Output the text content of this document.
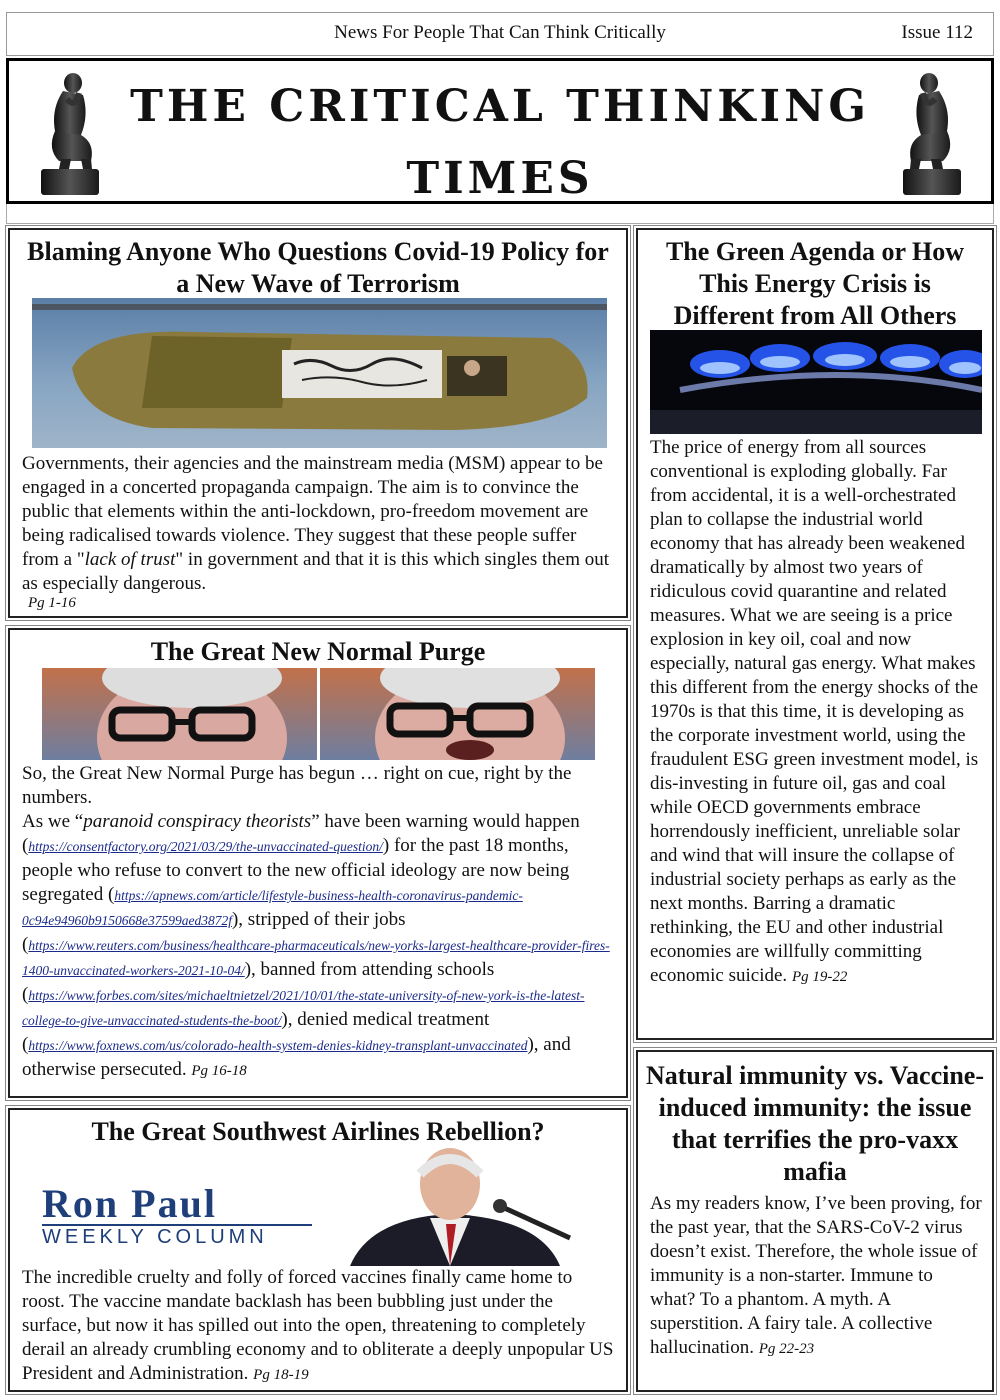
News For People That Can Think Critically	Issue 112
THE CRITICAL THINKING
TIMES
Blaming Anyone Who Questions Covid-19 Policy for a New Wave of Terrorism

Governments, their agencies and the mainstream media (MSM) appear to be engaged in a concerted propaganda campaign. The aim is to convince the public that elements within the anti-lockdown, pro-freedom movement are being radicalised towards violence. They suggest that these people suffer from a "lack of trust" in government and that it is this which singles them out as especially dangerous.

Pg 1-16
The Great New Normal Purge

So, the Great New Normal Purge has begun … right on cue, right by the numbers.

As we “paranoid conspiracy theorists” have been warning would happen (https://consentfactory.org/2021/03/29/the-unvaccinated-question/) for the past 18 months, people who refuse to convert to the new official ideology are now being segregated (https://apnews.com/article/lifestyle-business-health-coronavirus-pandemic-0c94e94960b9150668e37599aed3872f), stripped of their jobs (https://www.reuters.com/business/healthcare-pharmaceuticals/new-yorks-largest-healthcare-provider-fires-1400-unvaccinated-workers-2021-10-04/), banned from attending schools (https://www.forbes.com/sites/michaeltnietzel/2021/10/01/the-state-university-of-new-york-is-the-latest-college-to-give-unvaccinated-students-the-boot/), denied medical treatment (https://www.foxnews.com/us/colorado-health-system-denies-kidney-transplant-unvaccinated), and otherwise persecuted. Pg 16-18

The Great Southwest Airlines Rebellion?
Ron Paul
WEEKLY COLUMN

The incredible cruelty and folly of forced vaccines finally came home to roost. The vaccine mandate backlash has been bubbling just under the surface, but now it has spilled out into the open, threatening to completely derail an already crumbling economy and to obliterate a deeply unpopular US President and Administration. Pg 18-19

The Green Agenda or How This Energy Crisis is Different from All Others

The price of energy from all sources conventional is exploding globally. Far from accidental, it is a well-orchestrated plan to collapse the industrial world economy that has already been weakened dramatically by almost two years of ridiculous covid quarantine and related measures. What we are seeing is a price explosion in key oil, coal and now especially, natural gas energy. What makes this different from the energy shocks of the 1970s is that this time, it is developing as the corporate investment world, using the fraudulent ESG green investment model, is dis-investing in future oil, gas and coal while OECD governments embrace horrendously inefficient, unreliable solar and wind that will insure the collapse of industrial society perhaps as early as the next months. Barring a dramatic rethinking, the EU and other industrial economies are willfully committing economic suicide. Pg 19-22

Natural immunity vs. Vaccine-induced immunity: the issue that terrifies the pro-vaxx mafia

As my readers know, I’ve been proving, for the past year, that the SARS-CoV-2 virus doesn’t exist. Therefore, the whole issue of immunity is a non-starter. Immune to what? To a phantom. A myth. A superstition. A fairy tale. A collective hallucination. Pg 22-23
